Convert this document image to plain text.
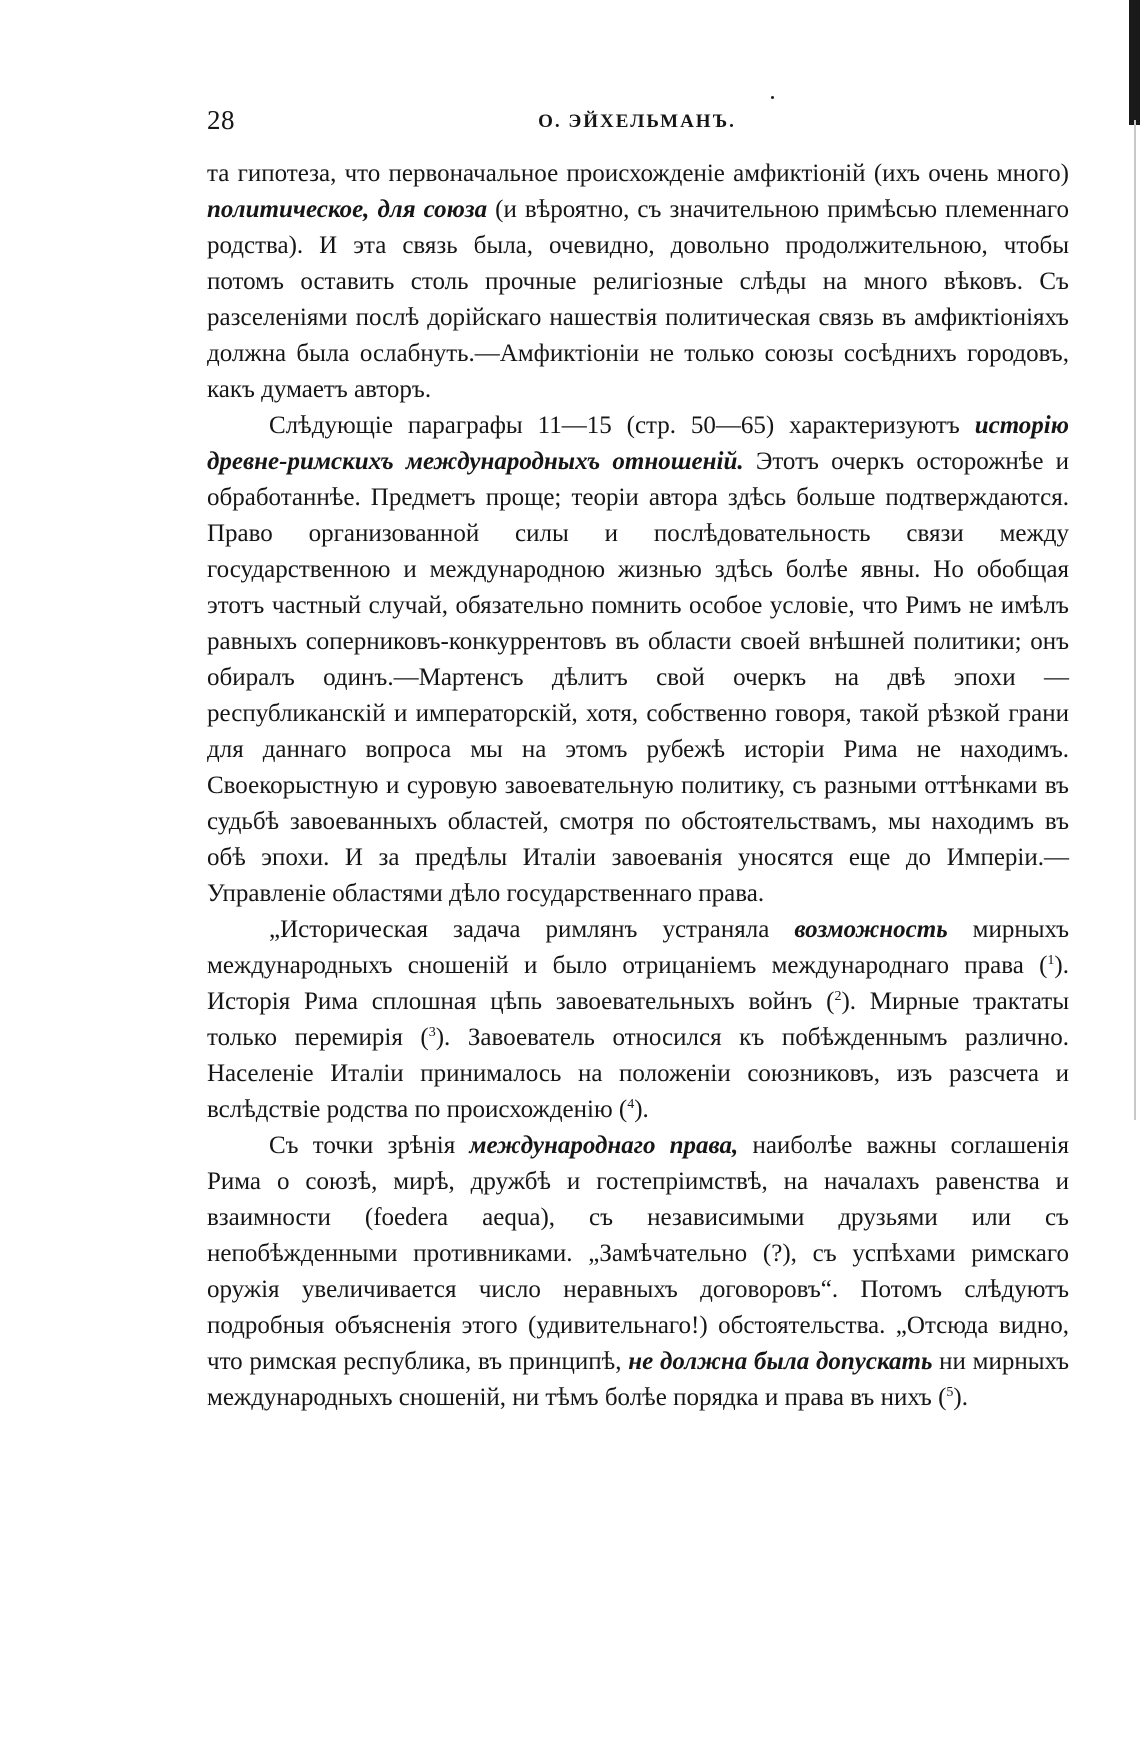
28	О. ЭЙХЕЛЬМАНЪ.

та гипотеза, что первоначальное происхожденіе амфиктіоній (ихъ очень много) политическое, для союза (и вѣроятно, съ значительною примѣсью племеннаго родства). И эта связь была, очевидно, довольно продолжительною, чтобы потомъ оставить столь прочные религіозные слѣды на много вѣковъ. Съ разселеніями послѣ дорійскаго нашествія политическая связь въ амфиктіоніяхъ должна была ослабнуть.—Амфиктіоніи не только союзы сосѣднихъ городовъ, какъ думаетъ авторъ.

Слѣдующіе параграфы 11—15 (стр. 50—65) характеризуютъ исторію древне-римскихъ международныхъ отношеній. Этотъ очеркъ осторожнѣе и обработаннѣе. Предметъ проще; теоріи автора здѣсь больше подтверждаются. Право организованной силы и послѣдовательность связи между государственною и международною жизнью здѣсь болѣе явны. Но обобщая этотъ частный случай, обязательно помнить особое условіе, что Римъ не имѣлъ равныхъ соперниковъ-конкуррентовъ въ области своей внѣшней политики; онъ обиралъ одинъ.—Мартенсъ дѣлитъ свой очеркъ на двѣ эпохи — республиканскій и императорскій, хотя, собственно говоря, такой рѣзкой грани для даннаго вопроса мы на этомъ рубежѣ исторіи Рима не находимъ. Своекорыстную и суровую завоевательную политику, съ разными оттѣнками въ судьбѣ завоеванныхъ областей, смотря по обстоятельствамъ, мы находимъ въ обѣ эпохи. И за предѣлы Италіи завоеванія уносятся еще до Имперіи.—Управленіе областями дѣло государственнаго права.

„Историческая задача римлянъ устраняла возможность мирныхъ международныхъ сношеній и было отрицаніемъ международнаго права ($^1$). Исторія Рима сплошная цѣпь завоевательныхъ войнъ ($^2$). Мирные трактаты только перемирія ($^3$). Завоеватель относился къ побѣжденнымъ различно. Населеніе Италіи принималось на положеніи союзниковъ, изъ разсчета и вслѣдствіе родства по происхожденію ($^4$).

Съ точки зрѣнія международнаго права, наиболѣе важны соглашенія Рима о союзѣ, мирѣ, дружбѣ и гостепріимствѣ, на началахъ равенства и взаимности (foedera aequa), съ независимыми друзьями или съ непобѣжденными противниками. „Замѣчательно (?), съ успѣхами римскаго оружія увеличивается число неравныхъ договоровъ“. Потомъ слѣдуютъ подробныя объясненія этого (удивительнаго!) обстоятельства. „Отсюда видно, что римская республика, въ принципѣ, не должна была допускать ни мирныхъ международныхъ сношеній, ни тѣмъ болѣе порядка и права въ нихъ ($^5$).
